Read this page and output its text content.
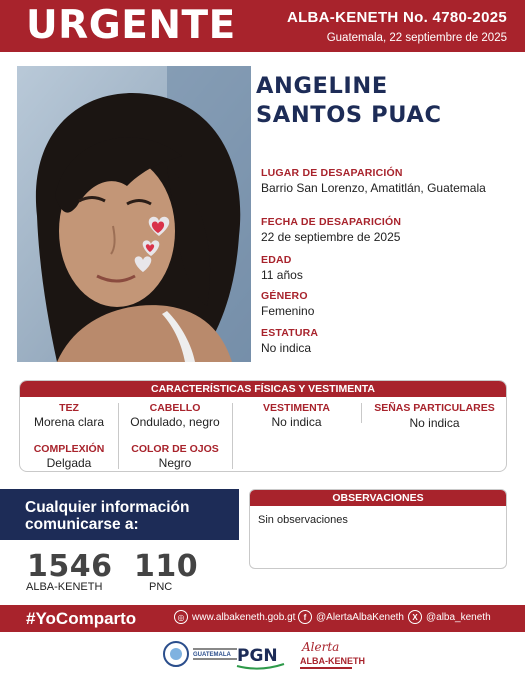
URGENTE	ALBA-KENETH No. 4780-2025
Guatemala, 22 septiembre de 2025
ANGELINE
SANTOS PUAC
LUGAR DE DESAPARICIÓN
Barrio San Lorenzo, Amatitlán, Guatemala
FECHA DE DESAPARICIÓN
22 de septiembre de 2025
EDAD
11 años
GÉNERO
Femenino
ESTATURA
No indica
CARACTERÍSTICAS FÍSICAS Y VESTIMENTA
TEZ
Morena clara
CABELLO
Ondulado, negro
VESTIMENTA
No indica
SEÑAS PARTICULARES
No indica
COMPLEXIÓN
Delgada
COLOR DE OJOS
Negro
Cualquier información
comunicarse a:
1546
ALBA-KENETH
110
PNC
OBSERVACIONES
Sin observaciones
#YoComparto	◎ www.albakeneth.gob.gt	f @AlertaAlbaKeneth	X @alba_keneth
GUATEMALA PGN Alerta
ALBA-KENETH
